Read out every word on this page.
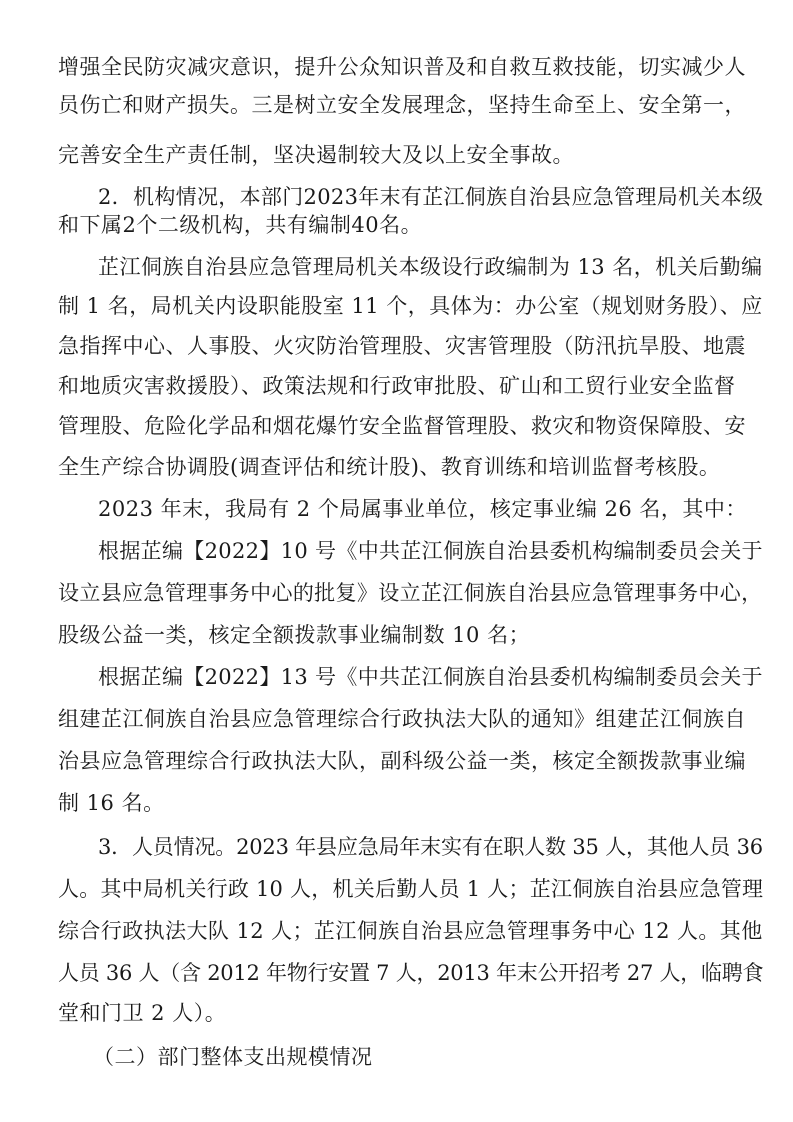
增强全民防灾减灾意识，提升公众知识普及和自救互救技能，切实减少人
员伤亡和财产损失。三是树立安全发展理念，坚持生命至上、安全第一，
完善安全生产责任制，坚决遏制较大及以上安全事故。
2．机构情况，本部门2023年末有芷江侗族自治县应急管理局机关本级
和下属2个二级机构，共有编制40名。
芷江侗族自治县应急管理局机关本级设行政编制为 13 名，机关后勤编
制 1 名，局机关内设职能股室 11 个，具体为：办公室（规划财务股）、应
急指挥中心、人事股、火灾防治管理股、灾害管理股（防汛抗旱股、地震
和地质灾害救援股）、政策法规和行政审批股、矿山和工贸行业安全监督
管理股、危险化学品和烟花爆竹安全监督管理股、救灾和物资保障股、安
全生产综合协调股(调查评估和统计股)、教育训练和培训监督考核股。
2023 年末，我局有 2 个局属事业单位，核定事业编 26 名，其中：
根据芷编【2022】10 号《中共芷江侗族自治县委机构编制委员会关于
设立县应急管理事务中心的批复》设立芷江侗族自治县应急管理事务中心，
股级公益一类，核定全额拨款事业编制数 10 名；
根据芷编【2022】13 号《中共芷江侗族自治县委机构编制委员会关于
组建芷江侗族自治县应急管理综合行政执法大队的通知》组建芷江侗族自
治县应急管理综合行政执法大队，副科级公益一类，核定全额拨款事业编
制 16 名。
3．人员情况。2023 年县应急局年末实有在职人数 35 人，其他人员 36
人。其中局机关行政 10 人，机关后勤人员 1 人；芷江侗族自治县应急管理
综合行政执法大队 12 人；芷江侗族自治县应急管理事务中心 12 人。其他
人员 36 人（含 2012 年物行安置 7 人，2013 年末公开招考 27 人，临聘食
堂和门卫 2 人）。
（二）部门整体支出规模情况
